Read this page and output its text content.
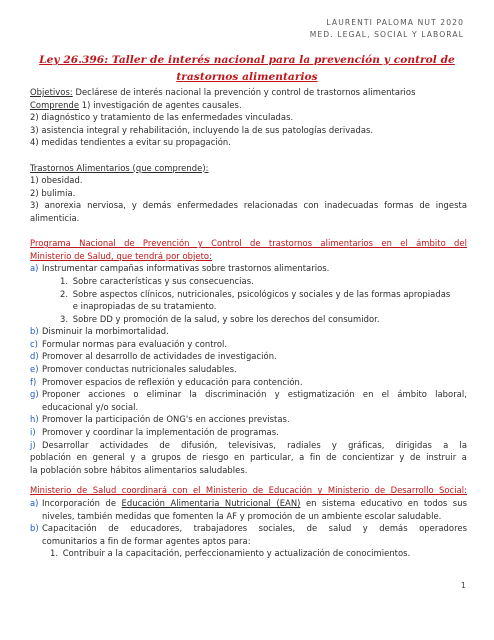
LAURENTI PALOMA NUT 2020
MED. LEGAL, SOCIAL Y LABORAL
Ley 26.396: Taller de interés nacional para la prevención y control de
trastornos alimentarios
Objetivos: Declárese de interés nacional la prevención y control de trastornos alimentarios
Comprende 1) investigación de agentes causales.
2) diagnóstico y tratamiento de las enfermedades vinculadas.
3) asistencia integral y rehabilitación, incluyendo la de sus patologías derivadas.
4) medidas tendientes a evitar su propagación.
Trastornos Alimentarios (que comprende):
1) obesidad.
2) bulimia.
3) anorexia nerviosa, y demás enfermedades relacionadas con inadecuadas formas de ingesta
alimenticia.
Programa Nacional de Prevención y Control de trastornos alimentarios en el ámbito del
Ministerio de Salud, que tendrá por objeto:
a) Instrumentar campañas informativas sobre trastornos alimentarios.
1. Sobre características y sus consecuencias.
2. Sobre aspectos clínicos, nutricionales, psicológicos y sociales y de las formas apropiadas
e inapropiadas de su tratamiento.
3. Sobre DD y promoción de la salud, y sobre los derechos del consumidor.
b) Disminuir la morbimortalidad.
c) Formular normas para evaluación y control.
d) Promover al desarrollo de actividades de investigación.
e) Promover conductas nutricionales saludables.
f) Promover espacios de reflexión y educación para contención.
g) Proponer acciones o eliminar la discriminación y estigmatización en el ámbito laboral,
educacional y/o social.
h) Promover la participación de ONG's en acciones previstas.
i) Promover y coordinar la implementación de programas.
j) Desarrollar actividades de difusión, televisivas, radiales y gráficas, dirigidas a la
población en general y a grupos de riesgo en particular, a fin de concientizar y de instruir a
la población sobre hábitos alimentarios saludables.
Ministerio de Salud coordinará con el Ministerio de Educación y Ministerio de Desarrollo Social:
a) Incorporación de Educación Alimentaria Nutricional (EAN) en sistema educativo en todos sus
niveles, también medidas que fomenten la AF y promoción de un ambiente escolar saludable.
b) Capacitación de educadores, trabajadores sociales, de salud y demás operadores
comunitarios a fin de formar agentes aptos para:
1. Contribuir a la capacitación, perfeccionamiento y actualización de conocimientos.
1
